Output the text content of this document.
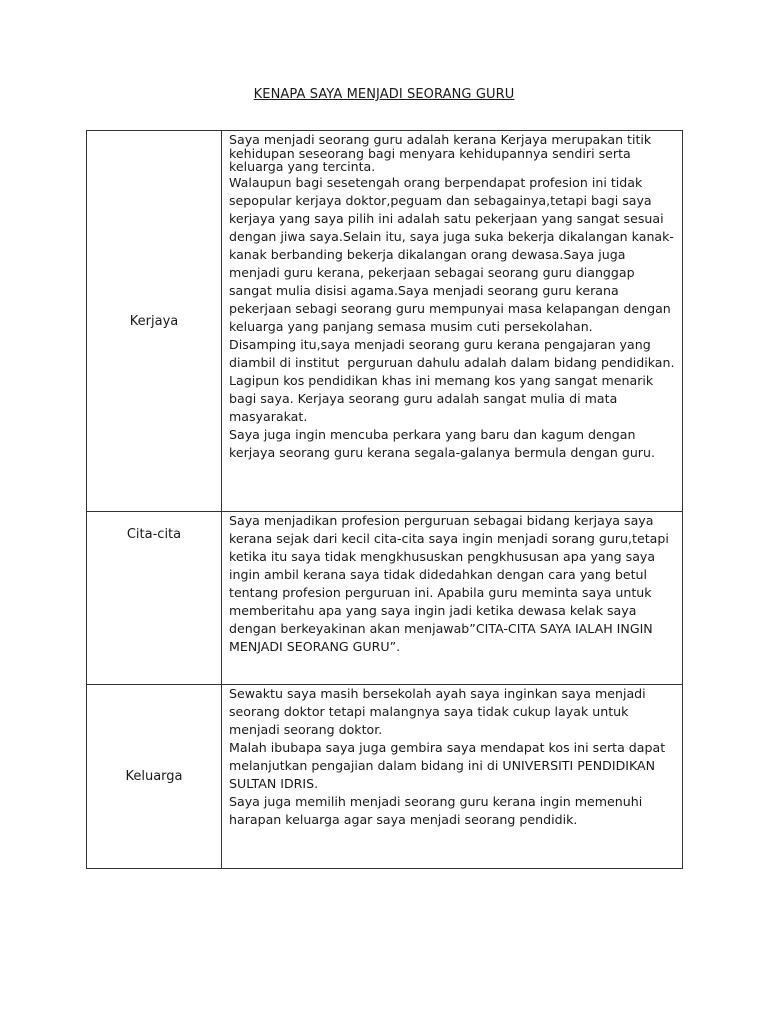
KENAPA SAYA MENJADI SEORANG GURU
Kerjaya	Saya menjadi seorang guru adalah kerana Kerjaya merupakan titik kehidupan seseorang bagi menyara kehidupannya sendiri serta keluarga yang tercinta.

Walaupun bagi sesetengah orang berpendapat profesion ini tidak sepopular kerjaya doktor,peguam dan sebagainya,tetapi bagi saya kerjaya yang saya pilih ini adalah satu pekerjaan yang sangat sesuai dengan jiwa saya.Selain itu, saya juga suka bekerja dikalangan kanak-kanak berbanding bekerja dikalangan orang dewasa.Saya juga menjadi guru kerana, pekerjaan sebagai seorang guru dianggap sangat mulia disisi agama.Saya menjadi seorang guru kerana pekerjaan sebagi seorang guru mempunyai masa kelapangan dengan keluarga yang panjang semasa musim cuti persekolahan.

Disamping itu,saya menjadi seorang guru kerana pengajaran yang diambil di institut  perguruan dahulu adalah dalam bidang pendidikan.            Lagipun kos pendidikan khas ini memang kos yang sangat menarik bagi saya. Kerjaya seorang guru adalah sangat mulia di mata masyarakat.

Saya juga ingin mencuba perkara yang baru dan kagum dengan kerjaya seorang guru kerana segala-galanya bermula dengan guru.

Cita-cita	Saya menjadikan profesion perguruan sebagai bidang kerjaya saya kerana sejak dari kecil cita-cita saya ingin menjadi sorang guru,tetapi ketika itu saya tidak mengkhususkan pengkhususan apa yang saya ingin ambil kerana saya tidak didedahkan dengan cara yang betul tentang profesion perguruan ini. Apabila guru meminta saya untuk memberitahu apa yang saya ingin jadi ketika dewasa kelak saya dengan berkeyakinan akan menjawab”CITA-CITA SAYA IALAH INGIN MENJADI SEORANG GURU”.

Keluarga	Sewaktu saya masih bersekolah ayah saya inginkan saya menjadi seorang doktor tetapi malangnya saya tidak cukup layak untuk menjadi seorang doktor.

Malah ibubapa saya juga gembira saya mendapat kos ini serta dapat melanjutkan pengajian dalam bidang ini di UNIVERSITI PENDIDIKAN SULTAN IDRIS.

Saya juga memilih menjadi seorang guru kerana ingin memenuhi harapan keluarga agar saya menjadi seorang pendidik.
